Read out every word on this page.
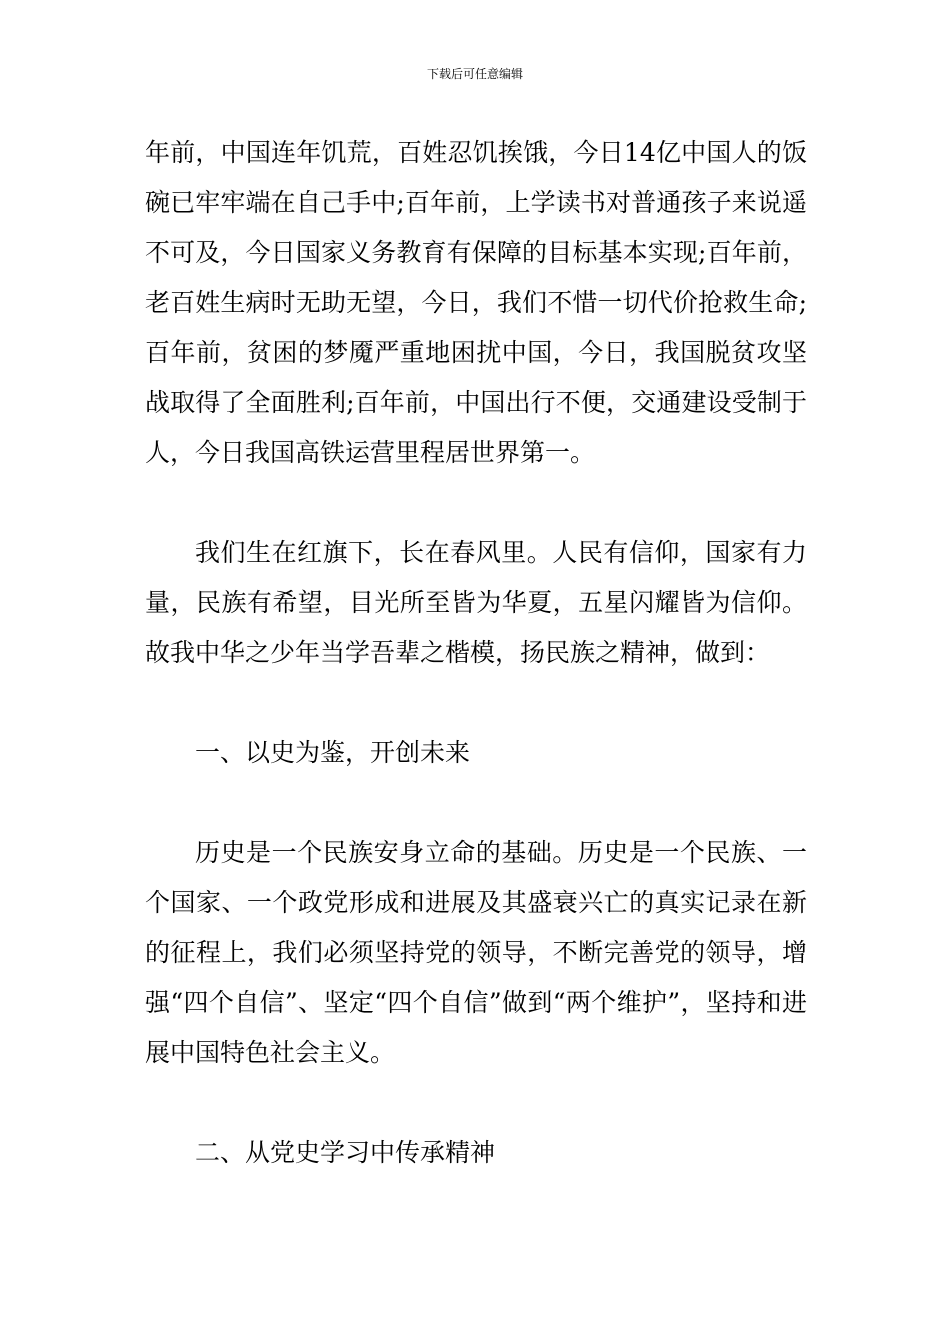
下载后可任意编辑

年前，中国连年饥荒，百姓忍饥挨饿，今日14亿中国人的饭碗已牢牢端在自己手中;百年前，上学读书对普通孩子来说遥不可及，今日国家义务教育有保障的目标基本实现;百年前，老百姓生病时无助无望，今日，我们不惜一切代价抢救生命;百年前，贫困的梦魇严重地困扰中国，今日，我国脱贫攻坚战取得了全面胜利;百年前，中国出行不便，交通建设受制于人，今日我国高铁运营里程居世界第一。

我们生在红旗下，长在春风里。人民有信仰，国家有力量，民族有希望，目光所至皆为华夏，五星闪耀皆为信仰。故我中华之少年当学吾辈之楷模，扬民族之精神，做到：

一、以史为鉴，开创未来

历史是一个民族安身立命的基础。历史是一个民族、一个国家、一个政党形成和进展及其盛衰兴亡的真实记录在新的征程上，我们必须坚持党的领导，不断完善党的领导，增强“四个自信”、坚定“四个自信”做到“两个维护”，坚持和进展中国特色社会主义。

二、从党史学习中传承精神
